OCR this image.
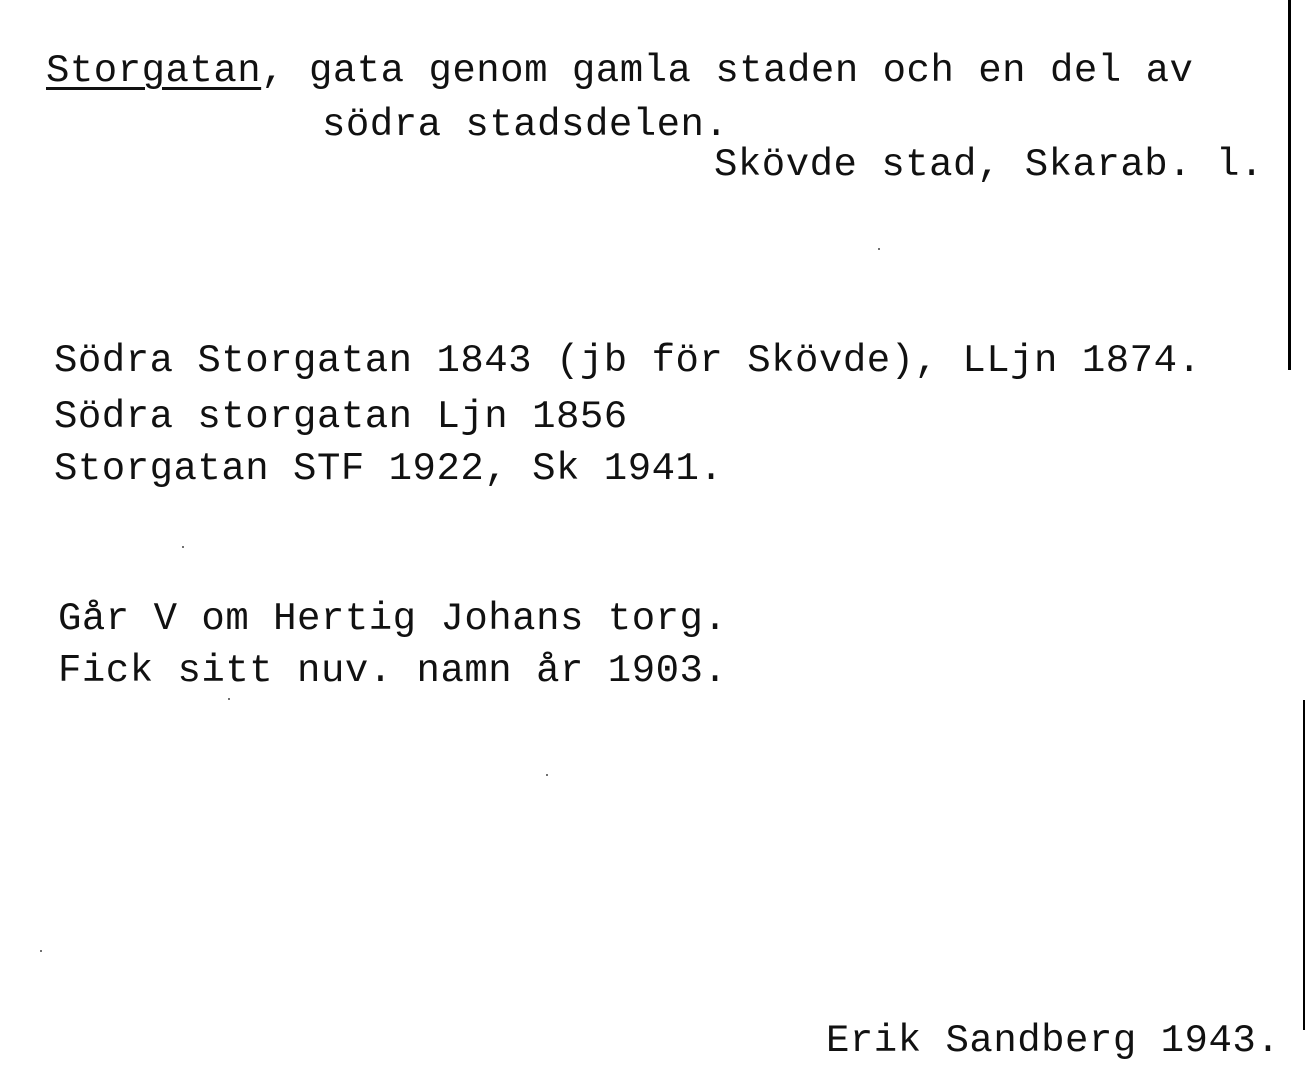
Storgatan, gata genom gamla staden och en del av
södra stadsdelen.
Skövde stad, Skarab. l.
Södra Storgatan 1843 (jb för Skövde), LLjn 1874.
Södra storgatan Ljn 1856
Storgatan STF 1922, Sk 1941.
Går V om Hertig Johans torg.
Fick sitt nuv. namn år 1903.
Erik Sandberg 1943.
